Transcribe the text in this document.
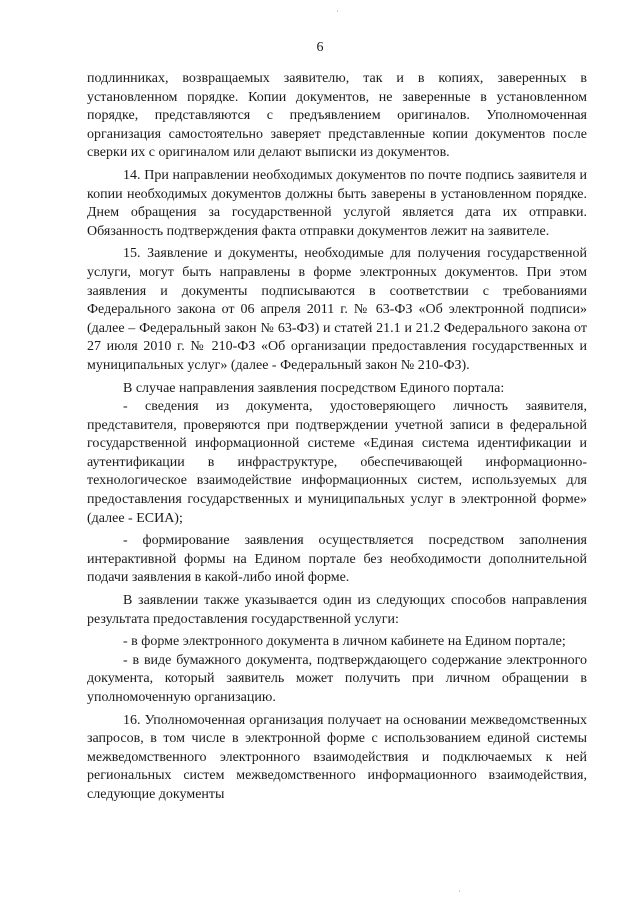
6
·
·

подлинниках, возвращаемых заявителю, так и в копиях, заверенных в установленном порядке. Копии документов, не заверенные в установленном порядке, представляются с предъявлением оригиналов. Уполномоченная организация самостоятельно заверяет представленные копии документов после сверки их с оригиналом или делают выписки из документов.

14. При направлении необходимых документов по почте подпись заявителя и копии необходимых документов должны быть заверены в установленном порядке. Днем обращения за государственной услугой является дата их отправки. Обязанность подтверждения факта отправки документов лежит на заявителе.

15. Заявление и документы, необходимые для получения государственной услуги, могут быть направлены в форме электронных документов. При этом заявления и документы подписываются в соответствии с требованиями Федерального закона от 06 апреля 2011 г. № 63-ФЗ «Об электронной подписи» (далее – Федеральный закон № 63-ФЗ) и статей 21.1 и 21.2 Федерального закона от 27 июля 2010 г. № 210-ФЗ «Об организации предоставления государственных и муниципальных услуг» (далее - Федеральный закон № 210-ФЗ).

В случае направления заявления посредством Единого портала:

- сведения из документа, удостоверяющего личность заявителя, представителя, проверяются при подтверждении учетной записи в федеральной государственной информационной системе «Единая система идентификации и аутентификации в инфраструктуре, обеспечивающей информационно-технологическое взаимодействие информационных систем, используемых для предоставления государственных и муниципальных услуг в электронной форме» (далее - ЕСИА);

- формирование заявления осуществляется посредством заполнения интерактивной формы на Едином портале без необходимости дополнительной подачи заявления в какой-либо иной форме.

В заявлении также указывается один из следующих способов направления результата предоставления государственной услуги:

- в форме электронного документа в личном кабинете на Едином портале;

- в виде бумажного документа, подтверждающего содержание электронного документа, который заявитель может получить при личном обращении в уполномоченную организацию.

16. Уполномоченная организация получает на основании межведомственных запросов, в том числе в электронной форме с использованием единой системы межведомственного электронного взаимодействия и подключаемых к ней региональных систем межведомственного информационного взаимодействия, следующие документы
